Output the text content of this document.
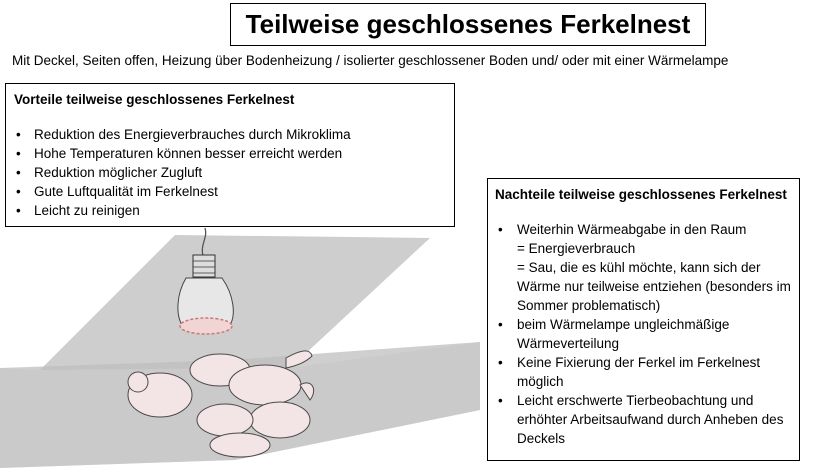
Teilweise geschlossenes Ferkelnest
Mit Deckel, Seiten offen, Heizung über Bodenheizung / isolierter geschlossener Boden und/ oder mit einer Wärmelampe
Vorteile teilweise geschlossenes Ferkelnest
• Reduktion des Energieverbrauches durch Mikroklima
• Hohe Temperaturen können besser erreicht werden
• Reduktion möglicher Zugluft
• Gute Luftqualität im Ferkelnest
• Leicht zu reinigen
Nachteile teilweise geschlossenes Ferkelnest
• Weiterhin Wärmeabgabe in den Raum
= Energieverbrauch
= Sau, die es kühl möchte, kann sich der Wärme nur teilweise entziehen (besonders im Sommer problematisch)
• beim Wärmelampe ungleichmäßige Wärmeverteilung
• Keine Fixierung der Ferkel im Ferkelnest möglich
• Leicht erschwerte Tierbeobachtung und erhöhter Arbeitsaufwand durch Anheben des Deckels
